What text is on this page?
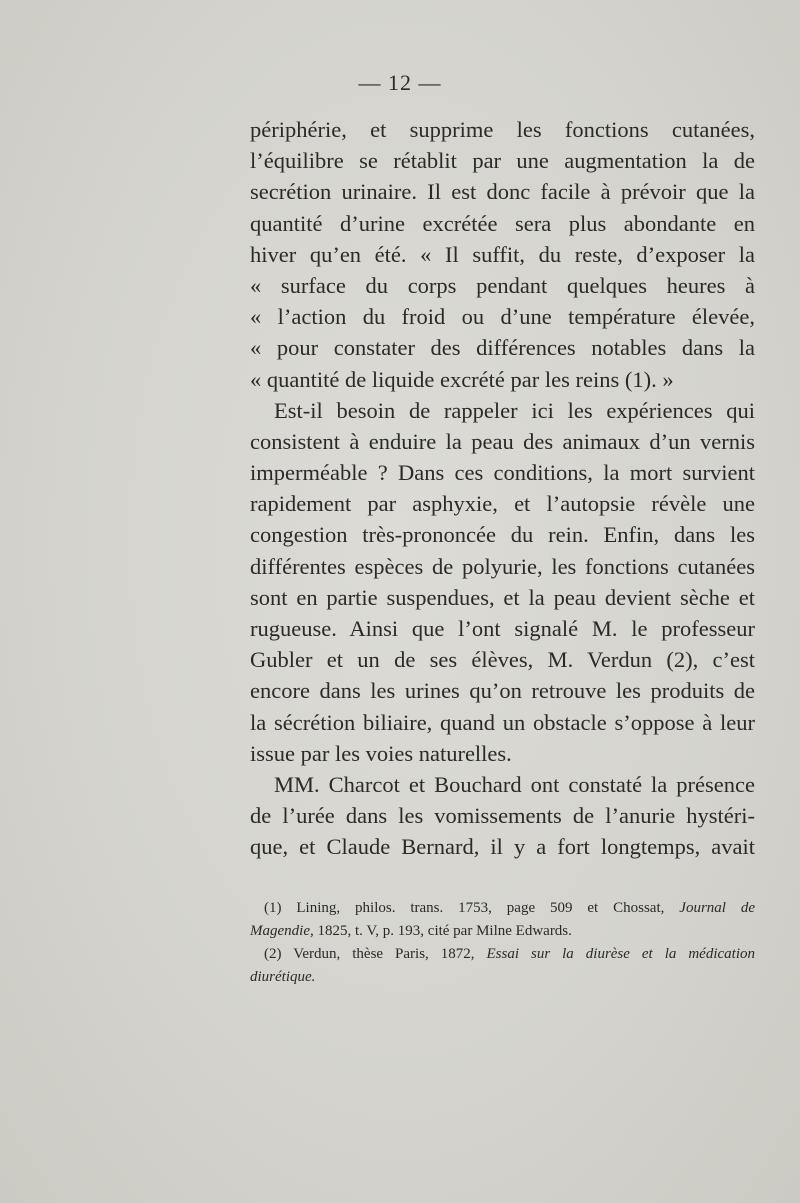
— 12 —
périphérie, et supprime les fonctions cutanées,
l’équilibre se rétablit par une augmentation la de
secrétion urinaire. Il est donc facile à prévoir que la
quantité d’urine excrétée sera plus abondante en
hiver qu’en été. « Il suffit, du reste, d’exposer la
« surface du corps pendant quelques heures à
« l’action du froid ou d’une température élevée,
« pour constater des différences notables dans la
« quantité de liquide excrété par les reins (1). »
Est-il besoin de rappeler ici les expériences qui
consistent à enduire la peau des animaux d’un vernis
imperméable ? Dans ces conditions, la mort survient
rapidement par asphyxie, et l’autopsie révèle une
congestion très-prononcée du rein. Enfin, dans les
différentes espèces de polyurie, les fonctions cutanées
sont en partie suspendues, et la peau devient sèche et
rugueuse. Ainsi que l’ont signalé M. le professeur
Gubler et un de ses élèves, M. Verdun (2), c’est
encore dans les urines qu’on retrouve les produits de
la sécrétion biliaire, quand un obstacle s’oppose à leur
issue par les voies naturelles.
MM. Charcot et Bouchard ont constaté la présence
de l’urée dans les vomissements de l’anurie hystéri-
que, et Claude Bernard, il y a fort longtemps, avait
(1) Lining, philos. trans. 1753, page 509 et Chossat, Journal de
Magendie, 1825, t. V, p. 193, cité par Milne Edwards.
(2) Verdun, thèse Paris, 1872, Essai sur la diurèse et la médication
diurétique.
